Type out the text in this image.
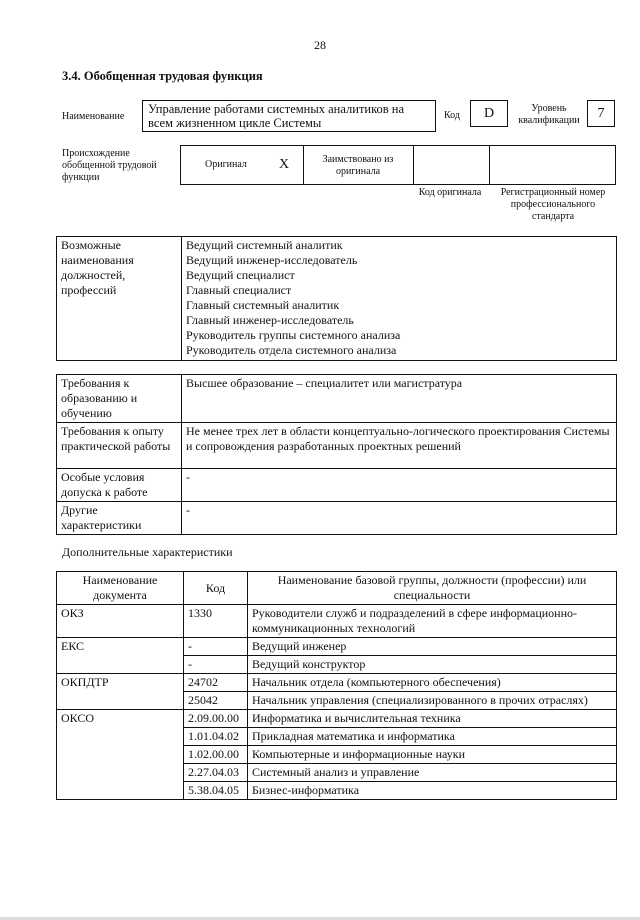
28
3.4. Обобщенная трудовая функция
Наименование
Управление работами системных аналитиков на всем жизненном цикле Системы
Код	D	Уровень квалификации	7
Происхождение обобщенной трудовой функции
Оригинал X	Заимствовано из оригинала
Код оригинала	Регистрационный номер профессионального стандарта
Возможные наименования должностей, профессий	
Ведущий системный аналитик
Ведущий инженер-исследователь
Ведущий специалист
Главный специалист
Главный системный аналитик
Главный инженер-исследователь
Руководитель группы системного анализа
Руководитель отдела системного анализа
Требования к образованию и обучению	Высшее образование – специалитет или магистратура
Требования к опыту практической работы	Не менее трех лет в области концептуально-логического проектирования Системы и сопровождения разработанных проектных решений
Особые условия допуска к работе	-
Другие характеристики	-
Дополнительные характеристики
Наименование документа	Код	Наименование базовой группы, должности (профессии) или специальности
ОКЗ	1330	Руководители служб и подразделений в сфере информационно-коммуникационных технологий
ЕКС	-	Ведущий инженер
	-	Ведущий конструктор
ОКПДТР	24702	Начальник отдела (компьютерного обеспечения)
	25042	Начальник управления (специализированного в прочих отраслях)
ОКСО	2.09.00.00	Информатика и вычислительная техника
	1.01.04.02	Прикладная математика и информатика
	1.02.00.00	Компьютерные и информационные науки
	2.27.04.03	Системный анализ и управление
	5.38.04.05	Бизнес-информатика
